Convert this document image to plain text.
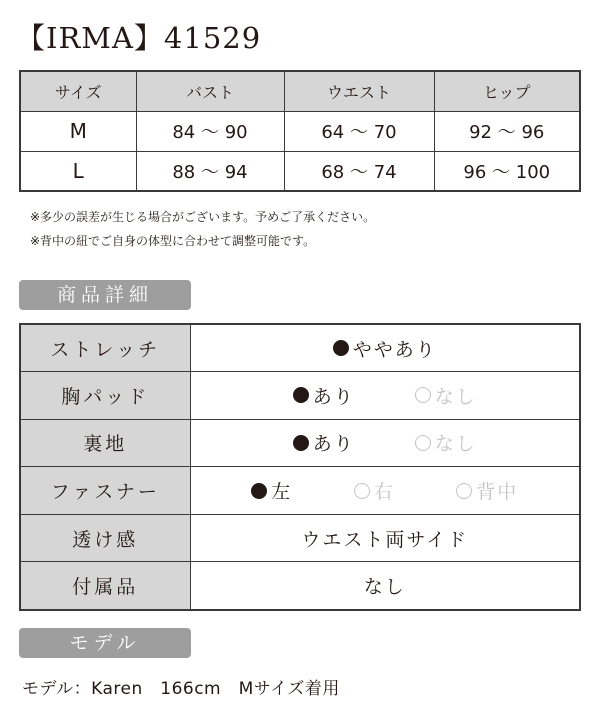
【IRMA】41529
サイズ	バスト	ウエスト	ヒップ
M	84 ～ 90	64 ～ 70	92 ～ 96
L	88 ～ 94	68 ～ 74	96 ～ 100
※多少の誤差が生じる場合がございます。予めご了承ください。
※背中の紐でご自身の体型に合わせて調整可能です。
商品詳細
ストレッチ	ややあり

胸パッド	あり なし

裏地	あり なし

ファスナー	左 右 背中

透け感	ウエスト両サイド
付属品	なし
モデル
モデル：Karen　166cm　Mサイズ着用
